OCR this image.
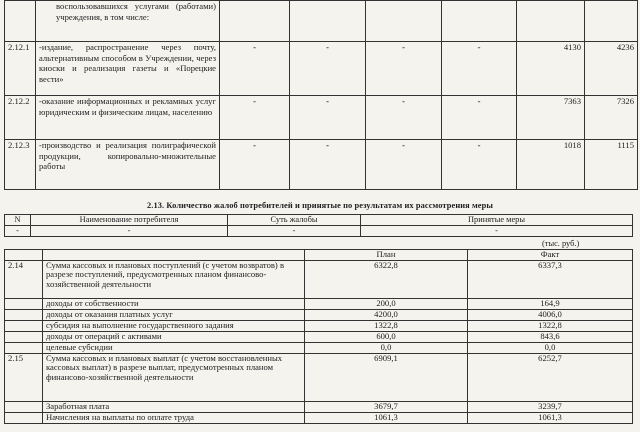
	воспользовавшихся услугами (работами) учреждения, в том числе:						
2.12.1	-издание, распространение через почту, альтернативным способом в Учреждении, через киоски и реализация газеты и «Порецкие вести»	-	-	-	-	4130	4236
2.12.2	-оказание информационных и рекламных услуг юридическим и физическим лицам, населению	-	-	-	-	7363	7326
2.12.3	-производство и реализация полиграфической продукции, копировально-множительные работы	-	-	-	-	1018	1115
2.13. Количество жалоб потребителей и принятые по результатам их рассмотрения меры
N	Наименование потребителя	Суть жалобы	Принятые меры
-	-	-	-
(тыс. руб.)
		План	Факт
2.14	Сумма кассовых и плановых поступлений (с учетом возвратов) в разрезе поступлений, предусмотренных планом финансово-хозяйственной деятельности	6322,8	6337,3
	доходы от собственности	200,0	164,9
	доходы от оказания платных услуг	4200,0	4006,0
	субсидия на выполнение государственного задания	1322,8	1322,8
	доходы от операций с активами	600,0	843,6
	целевые субсидии	0,0	0,0
2.15	Сумма кассовых и плановых выплат (с учетом восстановленных кассовых выплат) в разрезе выплат, предусмотренных планом финансово-хозяйственной деятельности	6909,1	6252,7
	Заработная плата	3679,7	3239,7
	Начисления на выплаты по оплате труда	1061,3	1061,3
